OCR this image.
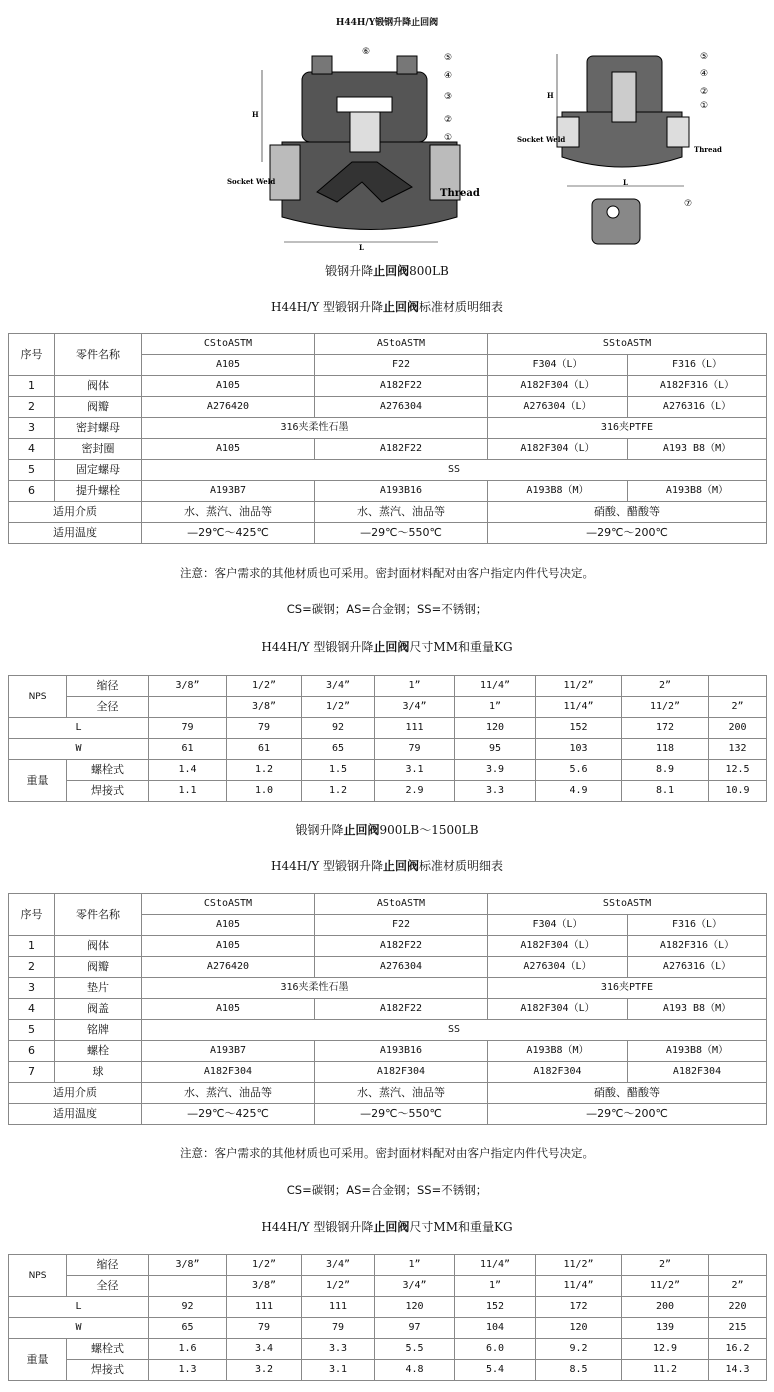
H44H/Y锻钢升降止回阀
H
L
Socket Weld
Thread
⑥
⑤
④
③
②
①
H
L
Socket Weld
Thread
⑤
④
②
①
⑦
锻钢升降止回阀800LB
H44H/Y 型锻钢升降止回阀标准材质明细表
序号	零件名称	CStoASTM	AStoASTM	SStoASTM	
		A105	F22	F304（L）	F316（L）
1	阀体	A105	A182F22	A182F304（L）	A182F316（L）
2	阀瓣	A276420	A276304	A276304（L）	A276316（L）
3	密封螺母	316夹柔性石墨		316夹PTFE	
4	密封圈	A105	A182F22	A182F304（L）	A193 B8（M）
5	固定螺母	SS			
6	提升螺栓	A193B7	A193B16	A193B8（M）	A193B8（M）
适用介质		水、蒸汽、油品等	水、蒸汽、油品等	硝酸、醋酸等	
适用温度		—29℃～425℃	—29℃～550℃	—29℃～200℃	
注意：客户需求的其他材质也可采用。密封面材料配对由客户指定内件代号决定。
CS=碳钢；AS=合金钢；SS=不锈钢；
H44H/Y 型锻钢升降止回阀尺寸MM和重量KG
NPS	缩径	3/8”	1/2”	3/4”	1”	11/4”	11/2”	2”	
	全径		3/8”	1/2”	3/4”	1”	11/4”	11/2”	2”
L		79	79	92	111	120	152	172	200
W		61	61	65	79	95	103	118	132
重量	螺栓式	1.4	1.2	1.5	3.1	3.9	5.6	8.9	12.5
	焊接式	1.1	1.0	1.2	2.9	3.3	4.9	8.1	10.9
锻钢升降止回阀900LB～1500LB
H44H/Y 型锻钢升降止回阀标准材质明细表
序号	零件名称	CStoASTM	AStoASTM	SStoASTM	
		A105	F22	F304（L）	F316（L）
1	阀体	A105	A182F22	A182F304（L）	A182F316（L）
2	阀瓣	A276420	A276304	A276304（L）	A276316（L）
3	垫片	316夹柔性石墨		316夹PTFE	
4	阀盖	A105	A182F22	A182F304（L）	A193 B8（M）
5	铭牌	SS			
6	螺栓	A193B7	A193B16	A193B8（M）	A193B8（M）
7	球	A182F304	A182F304	A182F304	A182F304
适用介质		水、蒸汽、油品等	水、蒸汽、油品等	硝酸、醋酸等	
适用温度		—29℃～425℃	—29℃～550℃	—29℃～200℃	
注意：客户需求的其他材质也可采用。密封面材料配对由客户指定内件代号决定。
CS=碳钢；AS=合金钢；SS=不锈钢；
H44H/Y 型锻钢升降止回阀尺寸MM和重量KG
NPS	缩径	3/8”	1/2”	3/4”	1”	11/4”	11/2”	2”	
	全径		3/8”	1/2”	3/4”	1”	11/4”	11/2”	2”
L		92	111	111	120	152	172	200	220
W		65	79	79	97	104	120	139	215
重量	螺栓式	1.6	3.4	3.3	5.5	6.0	9.2	12.9	16.2
	焊接式	1.3	3.2	3.1	4.8	5.4	8.5	11.2	14.3
